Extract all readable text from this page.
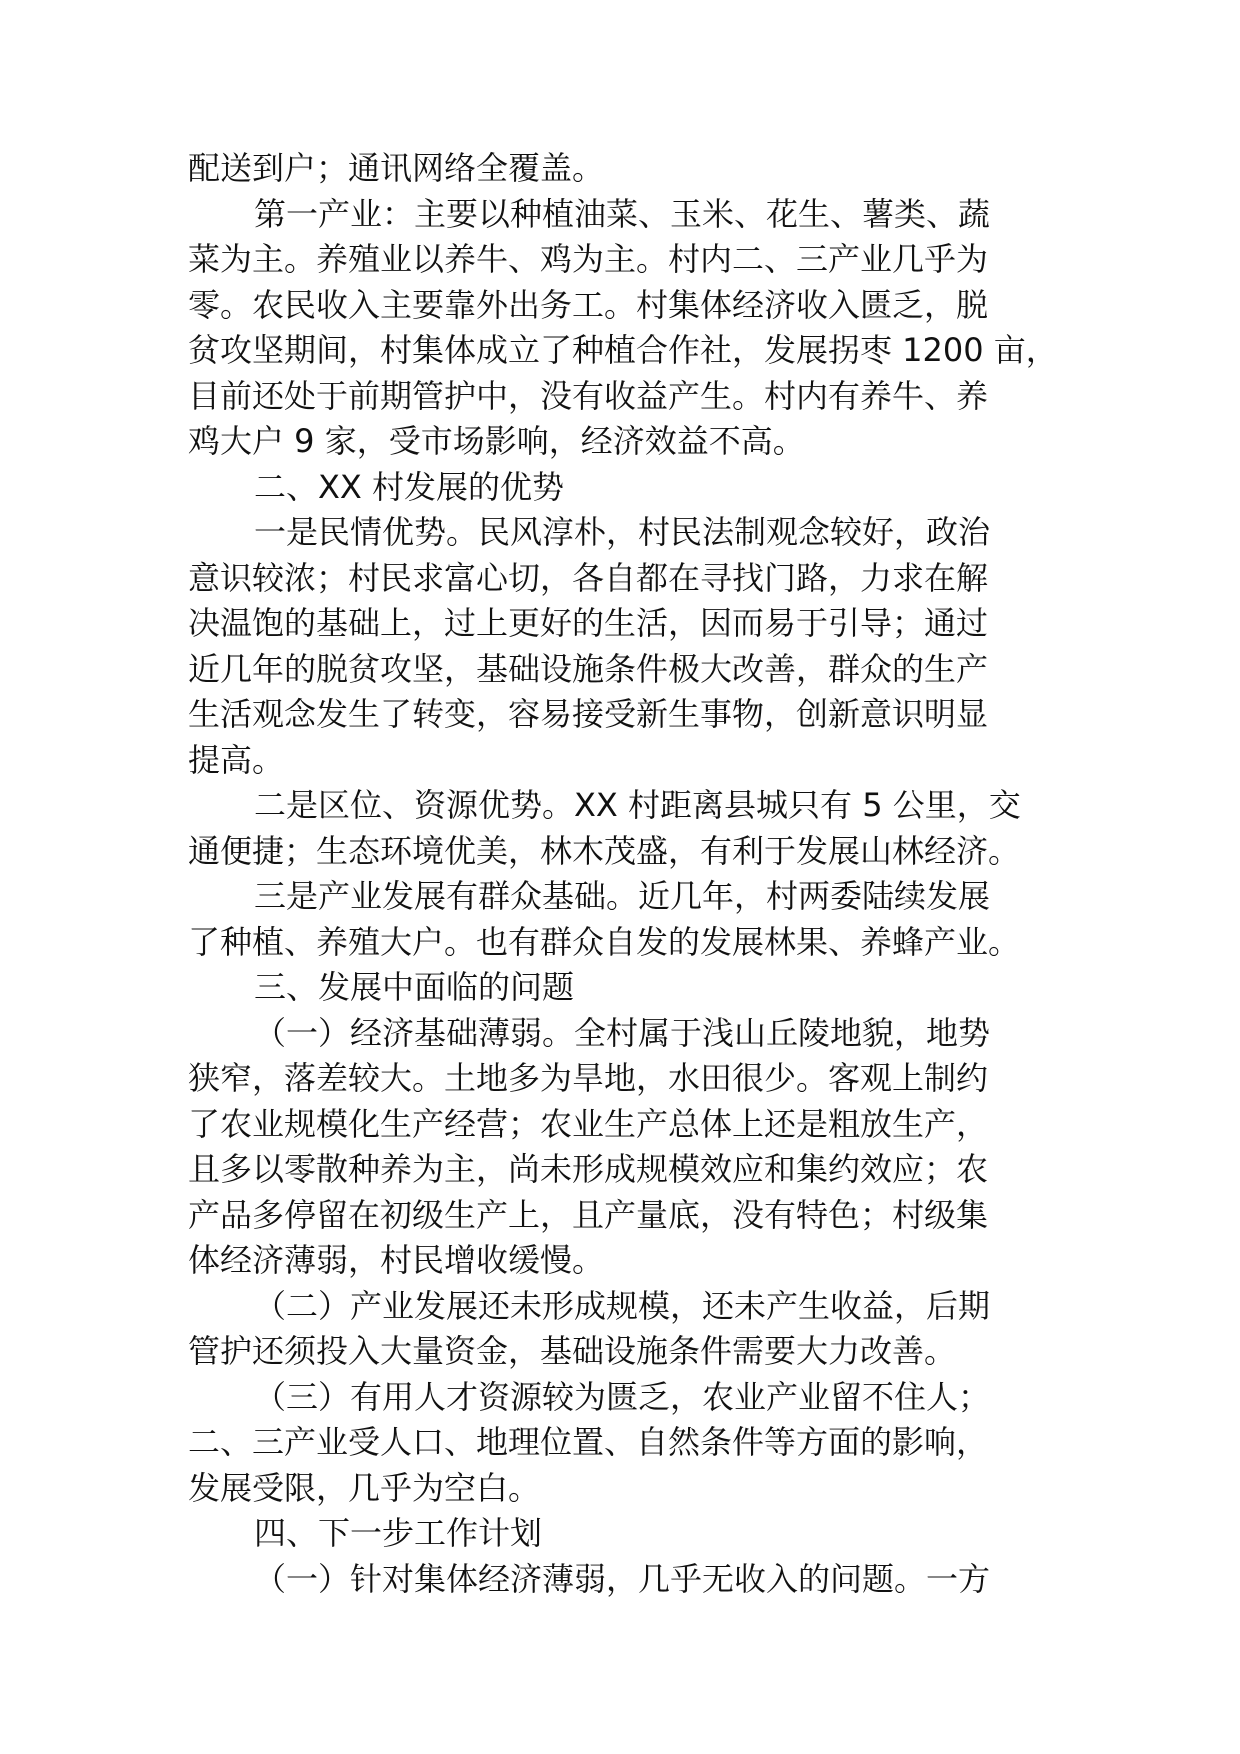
配送到户；通讯网络全覆盖。
第一产业：主要以种植油菜、玉米、花生、薯类、蔬
菜为主。养殖业以养牛、鸡为主。村内二、三产业几乎为
零。农民收入主要靠外出务工。村集体经济收入匮乏，脱
贫攻坚期间，村集体成立了种植合作社，发展拐枣 1200 亩，
目前还处于前期管护中，没有收益产生。村内有养牛、养
鸡大户 9 家，受市场影响，经济效益不高。
二、XX 村发展的优势
一是民情优势。民风淳朴，村民法制观念较好，政治
意识较浓；村民求富心切，各自都在寻找门路，力求在解
决温饱的基础上，过上更好的生活，因而易于引导；通过
近几年的脱贫攻坚，基础设施条件极大改善，群众的生产
生活观念发生了转变，容易接受新生事物，创新意识明显
提高。
二是区位、资源优势。XX 村距离县城只有 5 公里，交
通便捷；生态环境优美，林木茂盛，有利于发展山林经济。
三是产业发展有群众基础。近几年，村两委陆续发展
了种植、养殖大户。也有群众自发的发展林果、养蜂产业。
三、发展中面临的问题
（一）经济基础薄弱。全村属于浅山丘陵地貌，地势
狭窄，落差较大。土地多为旱地，水田很少。客观上制约
了农业规模化生产经营；农业生产总体上还是粗放生产，
且多以零散种养为主，尚未形成规模效应和集约效应；农
产品多停留在初级生产上，且产量底，没有特色；村级集
体经济薄弱，村民增收缓慢。
（二）产业发展还未形成规模，还未产生收益，后期
管护还须投入大量资金，基础设施条件需要大力改善。
（三）有用人才资源较为匮乏，农业产业留不住人；
二、三产业受人口、地理位置、自然条件等方面的影响，
发展受限，几乎为空白。
四、下一步工作计划
（一）针对集体经济薄弱，几乎无收入的问题。一方
